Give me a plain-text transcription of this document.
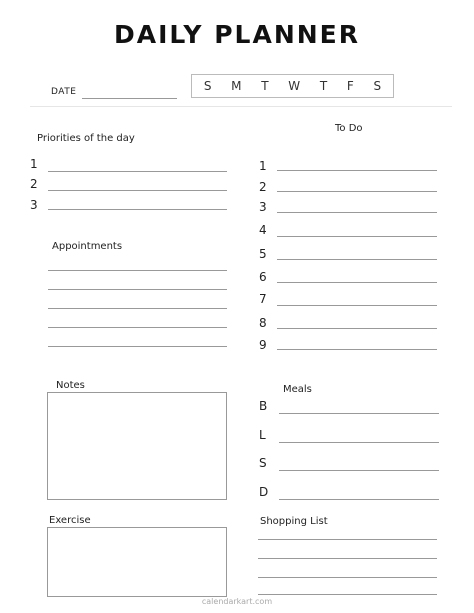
DAILY PLANNER
DATE	S M T W T F S
Priorities of the day
1
2
3
Appointments
To Do
1
2
3
4
5
6
7
8
9
Notes	Meals
B
L
S
D
Exercise	Shopping List
calendarkart.com
